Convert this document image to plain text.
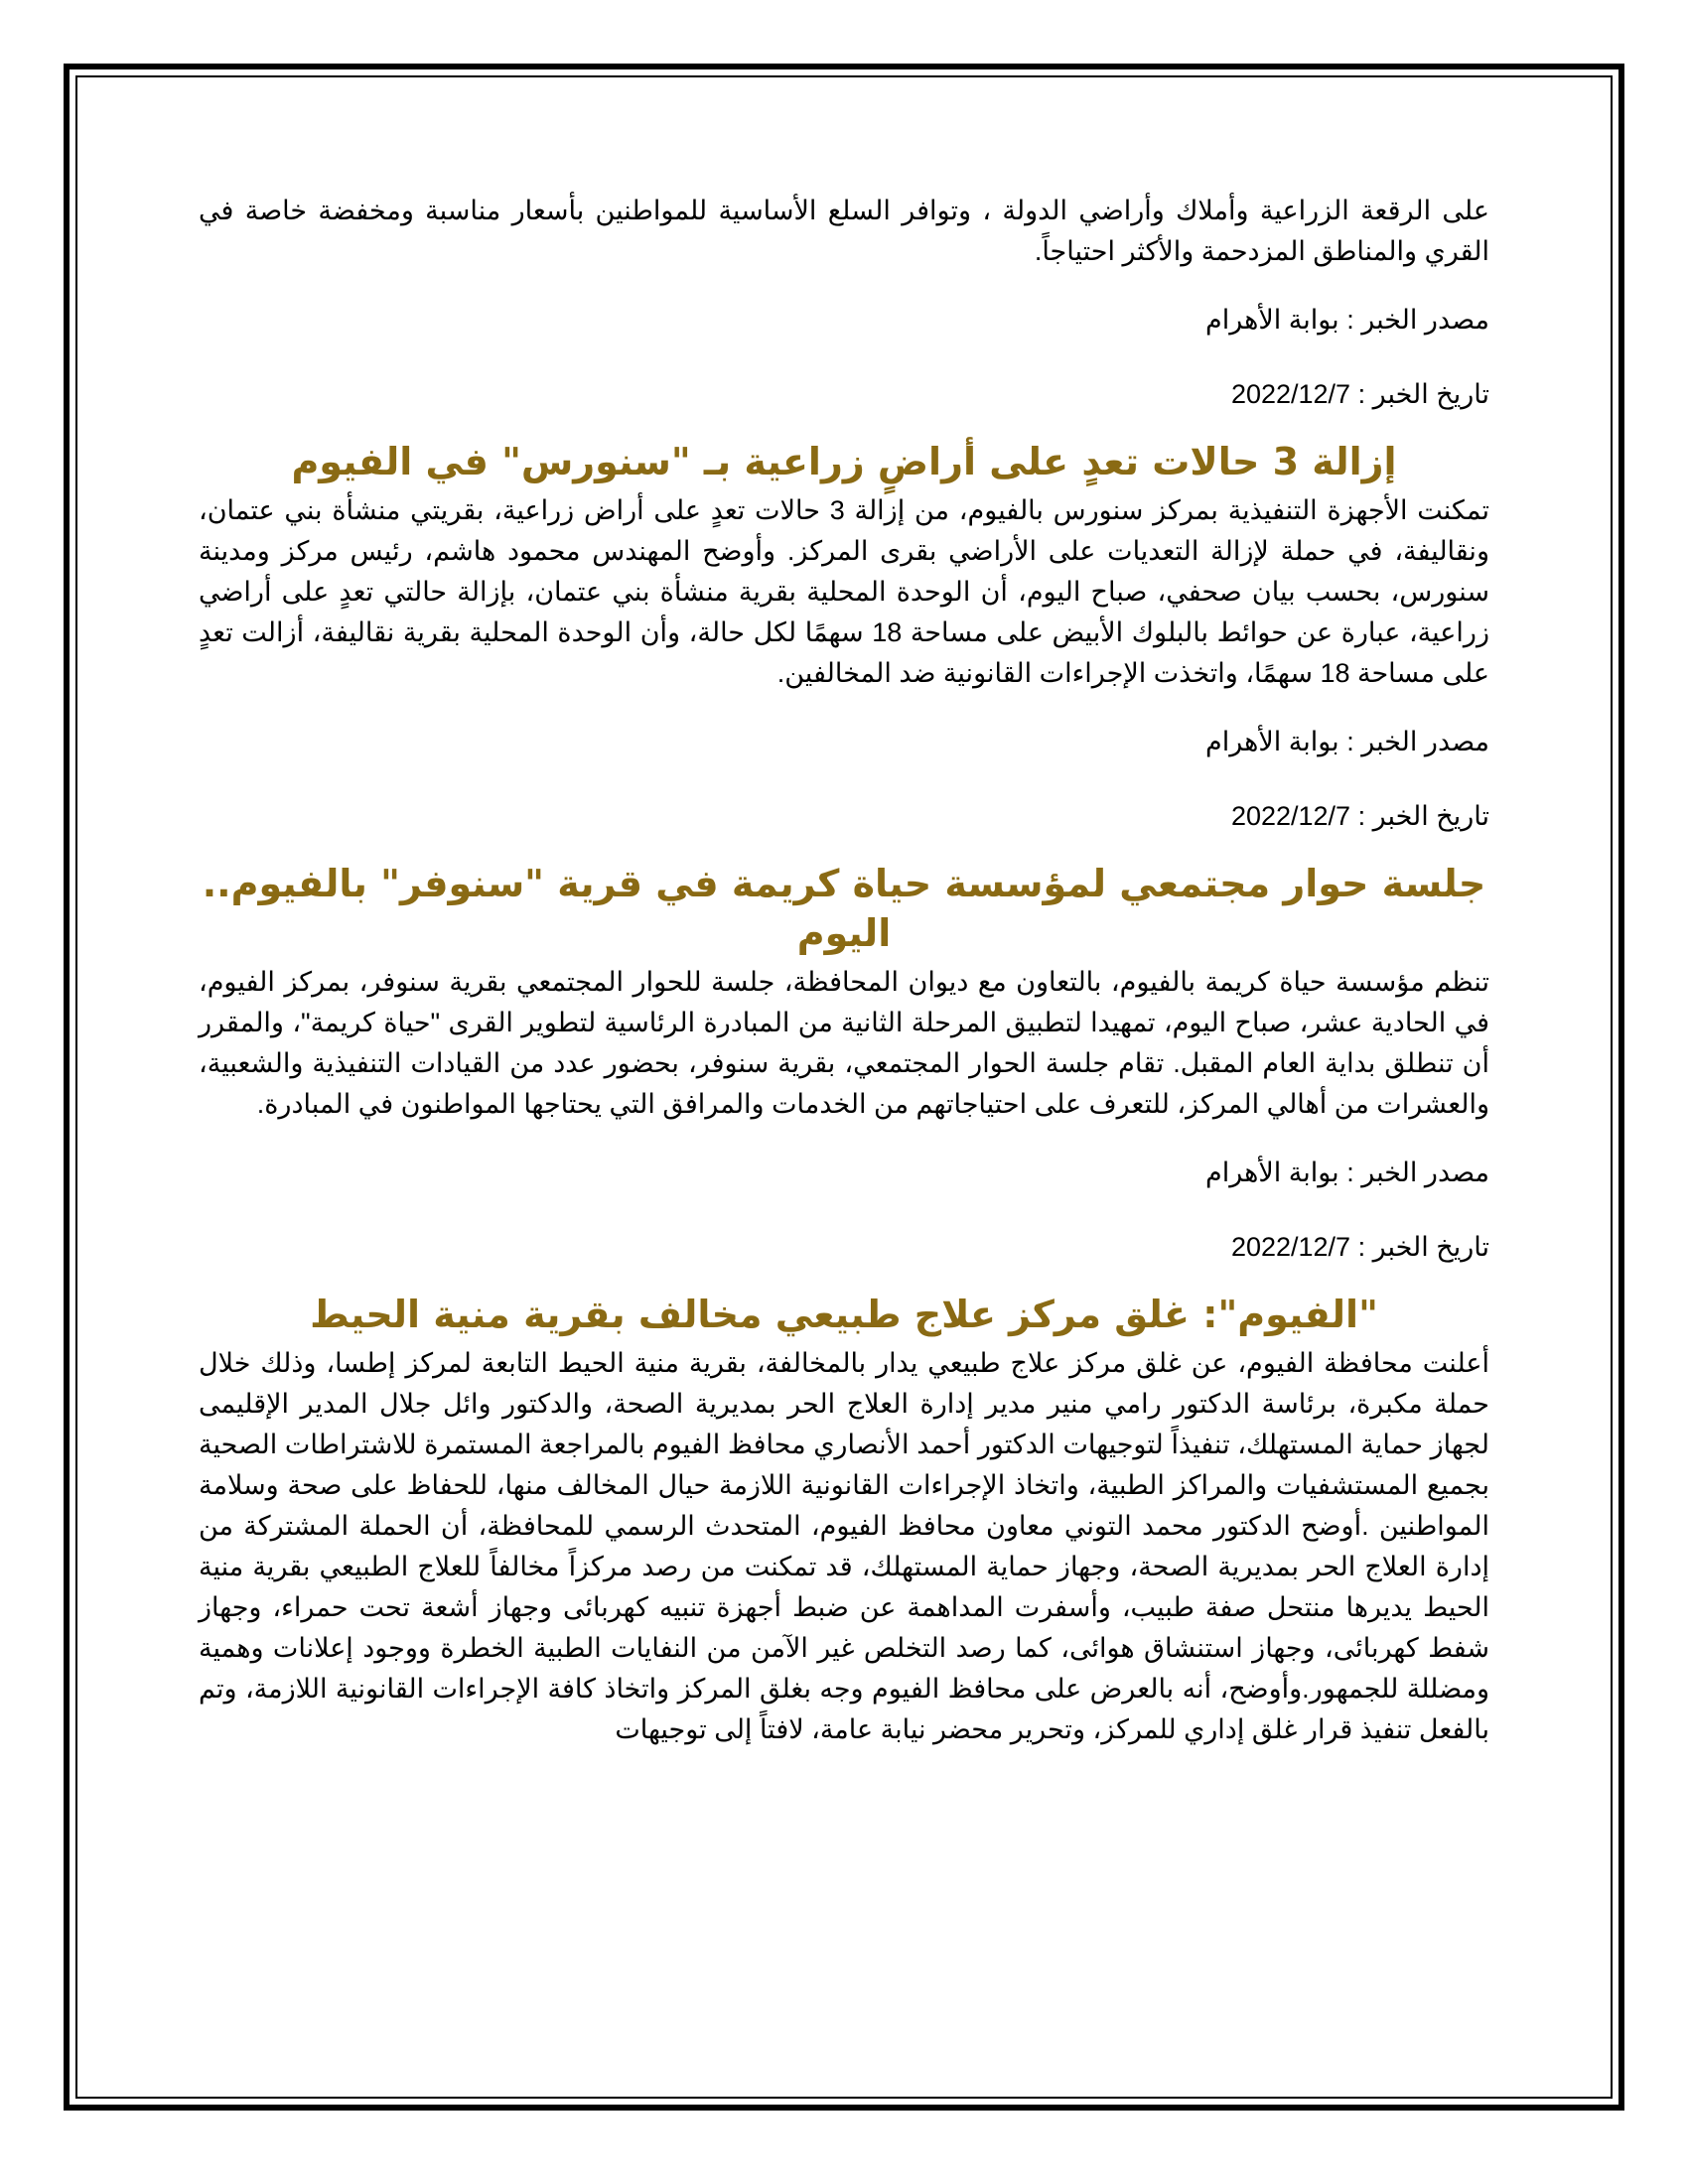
على الرقعة الزراعية وأملاك وأراضي الدولة ، وتوافر السلع الأساسية للمواطنين بأسعار مناسبة ومخفضة خاصة في القري والمناطق المزدحمة والأكثر احتياجاً.

مصدر الخبر : بوابة الأهرام

تاريخ الخبر : 2022/12/7

إزالة 3 حالات تعدٍ على أراضٍ زراعية بـ "سنورس" في الفيوم

تمكنت الأجهزة التنفيذية بمركز سنورس بالفيوم، من إزالة 3 حالات تعدٍ على أراض زراعية، بقريتي منشأة بني عتمان، ونقاليفة، في حملة لإزالة التعديات على الأراضي بقرى المركز. وأوضح المهندس محمود هاشم، رئيس مركز ومدينة سنورس، بحسب بيان صحفي، صباح اليوم، أن الوحدة المحلية بقرية منشأة بني عتمان، بإزالة حالتي تعدٍ على أراضي زراعية، عبارة عن حوائط بالبلوك الأبيض على مساحة 18 سهمًا لكل حالة، وأن الوحدة المحلية بقرية نقاليفة، أزالت تعدٍ على مساحة 18 سهمًا، واتخذت الإجراءات القانونية ضد المخالفين.

مصدر الخبر : بوابة الأهرام

تاريخ الخبر : 2022/12/7

جلسة حوار مجتمعي لمؤسسة حياة كريمة في قرية "سنوفر" بالفيوم.. اليوم

تنظم مؤسسة حياة كريمة بالفيوم، بالتعاون مع ديوان المحافظة، جلسة للحوار المجتمعي بقرية سنوفر، بمركز الفيوم، في الحادية عشر، صباح اليوم، تمهيدا لتطبيق المرحلة الثانية من المبادرة الرئاسية لتطوير القرى "حياة كريمة"، والمقرر أن تنطلق بداية العام المقبل. تقام جلسة الحوار المجتمعي، بقرية سنوفر، بحضور عدد من القيادات التنفيذية والشعبية، والعشرات من أهالي المركز، للتعرف على احتياجاتهم من الخدمات والمرافق التي يحتاجها المواطنون في المبادرة.

مصدر الخبر : بوابة الأهرام

تاريخ الخبر : 2022/12/7

"الفيوم": غلق مركز علاج طبيعي مخالف بقرية منية الحيط

أعلنت محافظة الفيوم، عن غلق مركز علاج طبيعي يدار بالمخالفة، بقرية منية الحيط التابعة لمركز إطسا، وذلك خلال حملة مكبرة، برئاسة الدكتور رامي منير مدير إدارة العلاج الحر بمديرية الصحة، والدكتور وائل جلال المدير الإقليمى لجهاز حماية المستهلك، تنفيذاً لتوجيهات الدكتور أحمد الأنصاري محافظ الفيوم بالمراجعة المستمرة للاشتراطات الصحية بجميع المستشفيات والمراكز الطبية، واتخاذ الإجراءات القانونية اللازمة حيال المخالف منها، للحفاظ على صحة وسلامة المواطنين .أوضح الدكتور محمد التوني معاون محافظ الفيوم، المتحدث الرسمي للمحافظة، أن الحملة المشتركة من إدارة العلاج الحر بمديرية الصحة، وجهاز حماية المستهلك، قد تمكنت من رصد مركزاً مخالفاً للعلاج الطبيعي بقرية منية الحيط يديرها منتحل صفة طبيب، وأسفرت المداهمة عن ضبط أجهزة تنبيه كهربائى وجهاز أشعة تحت حمراء، وجهاز شفط كهربائى، وجهاز استنشاق هوائى، كما رصد التخلص غير الآمن من النفايات الطبية الخطرة ووجود إعلانات وهمية ومضللة للجمهور.وأوضح، أنه بالعرض على محافظ الفيوم وجه بغلق المركز واتخاذ كافة الإجراءات القانونية اللازمة، وتم بالفعل تنفيذ قرار غلق إداري للمركز، وتحرير محضر نيابة عامة، لافتاً إلى توجيهات
